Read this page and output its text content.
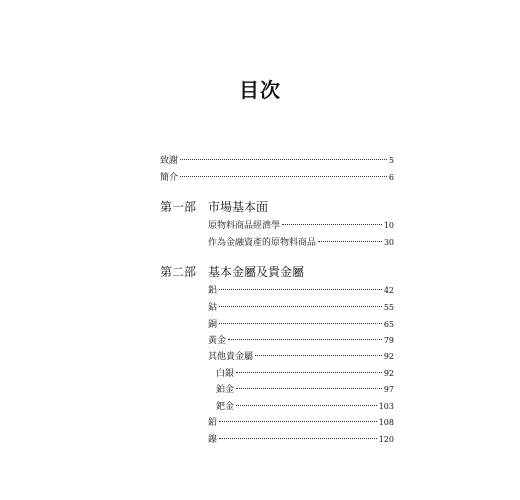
目次
致謝	5
簡介	6
第一部 市場基本面
原物料商品經濟學	10
作為金融資產的原物料商品	30
第二部 基本金屬及貴金屬
鋁	42
鈷	55
銅	65
黃金	79
其他貴金屬	92
白銀	92
鉑金	97
鈀金	103
鉛	108
鎳	120
